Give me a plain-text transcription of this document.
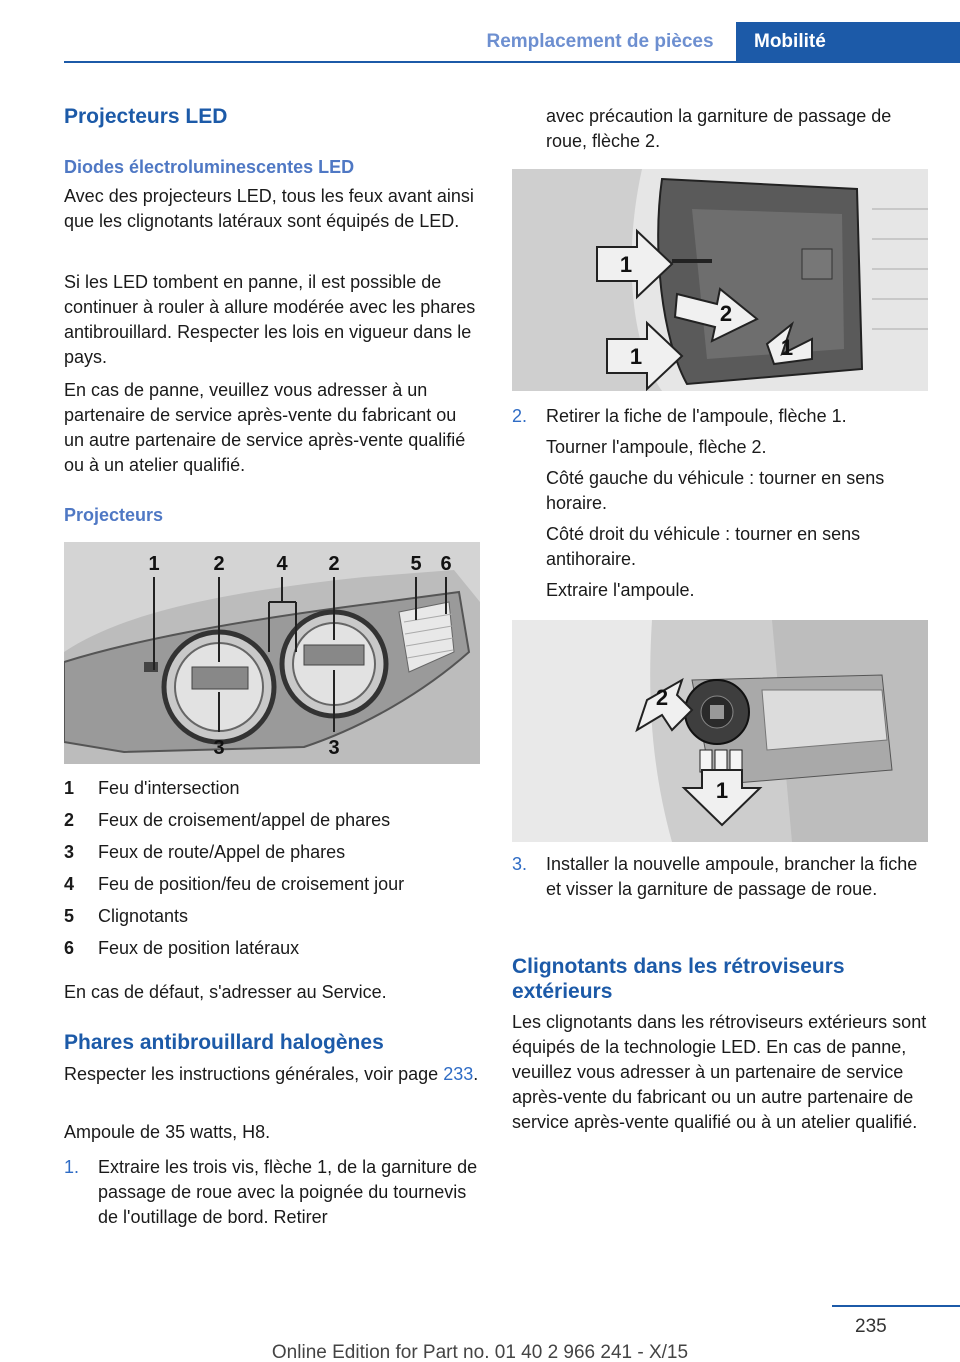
Remplacement de pièces	Mobilité
Projecteurs LED
Diodes électroluminescentes LED

Avec des projecteurs LED, tous les feux avant ainsi que les clignotants latéraux sont équipés de LED.

Si les LED tombent en panne, il est possible de continuer à rouler à allure modérée avec les phares antibrouillard. Respecter les lois en vigueur dans le pays.

En cas de panne, veuillez vous adresser à un partenaire de service après-vente du fabricant ou un autre partenaire de service après-vente qualifié ou à un atelier qualifié.

Projecteurs
1	2	4 2	5 6
3	3
1	Feu d'intersection
2	Feux de croisement/appel de phares
3	Feux de route/Appel de phares
4	Feu de position/feu de croisement jour
5	Clignotants
6	Feux de position latéraux

En cas de défaut, s'adresser au Service.

Phares antibrouillard halogènes

Respecter les instructions générales, voir page 233.

Ampoule de 35 watts, H8.

1.	Extraire les trois vis, flèche 1, de la garniture de passage de roue avec la poignée du tournevis de l'outillage de bord. Retirer

avec précaution la garniture de passage de roue, flèche 2.

1
2
1	1
2.	Retirer la fiche de l'ampoule, flèche 1.
Tourner l'ampoule, flèche 2.
Côté gauche du véhicule : tourner en sens horaire.
Côté droit du véhicule : tourner en sens antihoraire.
Extraire l'ampoule.
2
1
3.	Installer la nouvelle ampoule, brancher la fiche et visser la garniture de passage de roue.
Clignotants dans les rétroviseurs extérieurs

Les clignotants dans les rétroviseurs extérieurs sont équipés de la technologie LED. En cas de panne, veuillez vous adresser à un partenaire de service après-vente du fabricant ou un autre partenaire de service après-vente qualifié ou à un atelier qualifié.

235
Online Edition for Part no. 01 40 2 966 241 - X/15
